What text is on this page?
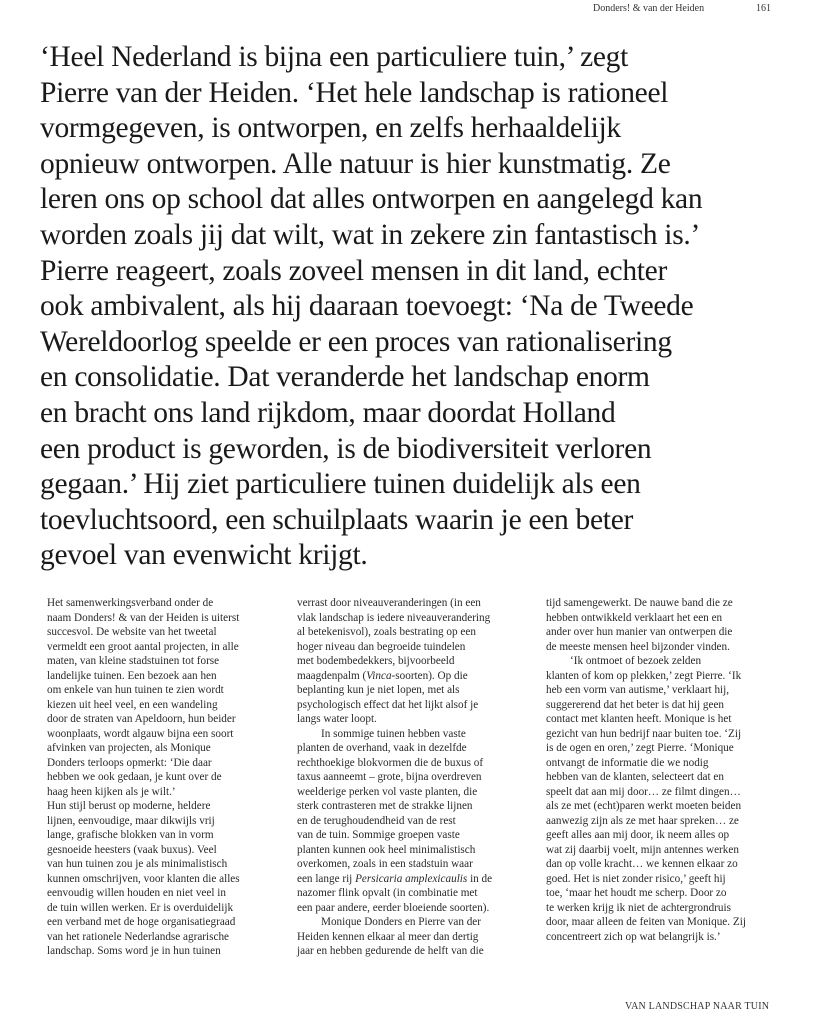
Donders! & van der Heiden	161
‘Heel Nederland is bijna een particuliere tuin,’ zegt
Pierre van der Heiden. ‘Het hele landschap is rationeel
vormgegeven, is ontworpen, en zelfs herhaaldelijk
opnieuw ontworpen. Alle natuur is hier kunstmatig. Ze
leren ons op school dat alles ontworpen en aangelegd kan
worden zoals jij dat wilt, wat in zekere zin fantastisch is.’
Pierre reageert, zoals zoveel mensen in dit land, echter
ook ambivalent, als hij daaraan toevoegt: ‘Na de Tweede
Wereldoorlog speelde er een proces van rationalisering
en consolidatie. Dat veranderde het landschap enorm
en bracht ons land rijkdom, maar doordat Holland
een product is geworden, is de biodiversiteit verloren
gegaan.’ Hij ziet particuliere tuinen duidelijk als een
toevluchtsoord, een schuilplaats waarin je een beter
gevoel van evenwicht krijgt.
Het samenwerkingsverband onder de
naam Donders! & van der Heiden is uiterst
succesvol. De website van het tweetal
vermeldt een groot aantal projecten, in alle
maten, van kleine stadstuinen tot forse
landelijke tuinen. Een bezoek aan hen
om enkele van hun tuinen te zien wordt
kiezen uit heel veel, en een wandeling
door de straten van Apeldoorn, hun beider
woonplaats, wordt algauw bijna een soort
afvinken van projecten, als Monique
Donders terloops opmerkt: ‘Die daar
hebben we ook gedaan, je kunt over de
haag heen kijken als je wilt.’
Hun stijl berust op moderne, heldere
lijnen, eenvoudige, maar dikwijls vrij
lange, grafische blokken van in vorm
gesnoeide heesters (vaak buxus). Veel
van hun tuinen zou je als minimalistisch
kunnen omschrijven, voor klanten die alles
eenvoudig willen houden en niet veel in
de tuin willen werken. Er is overduidelijk
een verband met de hoge organisatiegraad
van het rationele Nederlandse agrarische
landschap. Soms word je in hun tuinen
verrast door niveauveranderingen (in een
vlak landschap is iedere niveauverandering
al betekenisvol), zoals bestrating op een
hoger niveau dan begroeide tuindelen
met bodembedekkers, bijvoorbeeld
maagdenpalm (Vinca-soorten). Op die
beplanting kun je niet lopen, met als
psychologisch effect dat het lijkt alsof je
langs water loopt.
In sommige tuinen hebben vaste
planten de overhand, vaak in dezelfde
rechthoekige blokvormen die de buxus of
taxus aanneemt – grote, bijna overdreven
weelderige perken vol vaste planten, die
sterk contrasteren met de strakke lijnen
en de terughoudendheid van de rest
van de tuin. Sommige groepen vaste
planten kunnen ook heel minimalistisch
overkomen, zoals in een stadstuin waar
een lange rij Persicaria amplexicaulis in de
nazomer flink opvalt (in combinatie met
een paar andere, eerder bloeiende soorten).
Monique Donders en Pierre van der
Heiden kennen elkaar al meer dan dertig
jaar en hebben gedurende de helft van die
tijd samengewerkt. De nauwe band die ze
hebben ontwikkeld verklaart het een en
ander over hun manier van ontwerpen die
de meeste mensen heel bijzonder vinden.
‘Ik ontmoet of bezoek zelden
klanten of kom op plekken,’ zegt Pierre. ‘Ik
heb een vorm van autisme,’ verklaart hij,
suggererend dat het beter is dat hij geen
contact met klanten heeft. Monique is het
gezicht van hun bedrijf naar buiten toe. ‘Zij
is de ogen en oren,’ zegt Pierre. ‘Monique
ontvangt de informatie die we nodig
hebben van de klanten, selecteert dat en
speelt dat aan mij door… ze filmt dingen…
als ze met (echt)paren werkt moeten beiden
aanwezig zijn als ze met haar spreken… ze
geeft alles aan mij door, ik neem alles op
wat zij daarbij voelt, mijn antennes werken
dan op volle kracht… we kennen elkaar zo
goed. Het is niet zonder risico,’ geeft hij
toe, ‘maar het houdt me scherp. Door zo
te werken krijg ik niet de achtergrondruis
door, maar alleen de feiten van Monique. Zij
concentreert zich op wat belangrijk is.’
VAN LANDSCHAP NAAR TUIN
